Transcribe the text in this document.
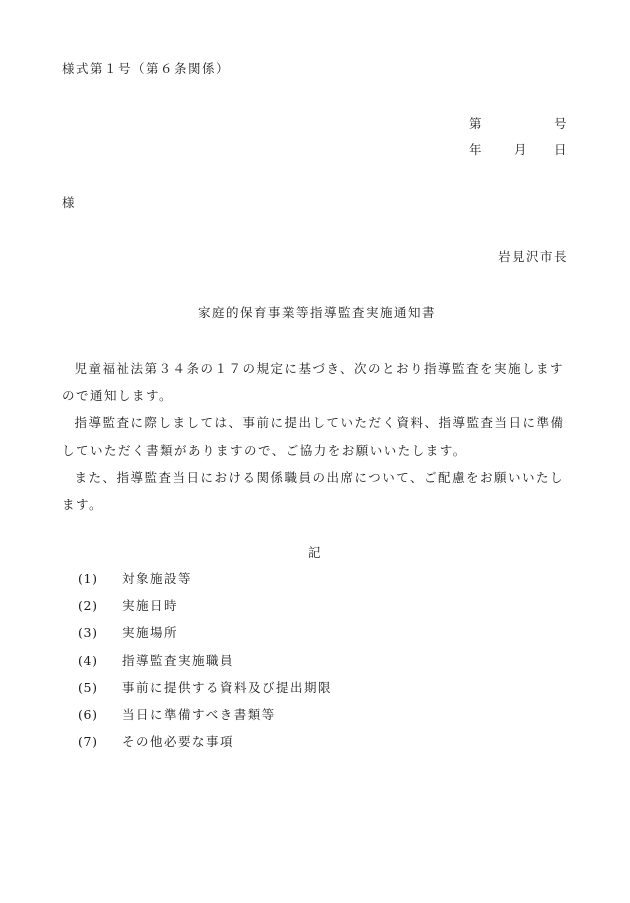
様式第１号（第６条関係）
第	号
年 月 日
様
岩見沢市長
家庭的保育事業等指導監査実施通知書

児童福祉法第３４条の１７の規定に基づき、次のとおり指導監査を実施しますので通知します。

指導監査に際しましては、事前に提出していただく資料、指導監査当日に準備していただく書類がありますので、ご協力をお願いいたします。

また、指導監査当日における関係職員の出席について、ご配慮をお願いいたします。

記
(1) 対象施設等
(2) 実施日時
(3) 実施場所
(4) 指導監査実施職員
(5) 事前に提供する資料及び提出期限
(6) 当日に準備すべき書類等
(7) その他必要な事項
